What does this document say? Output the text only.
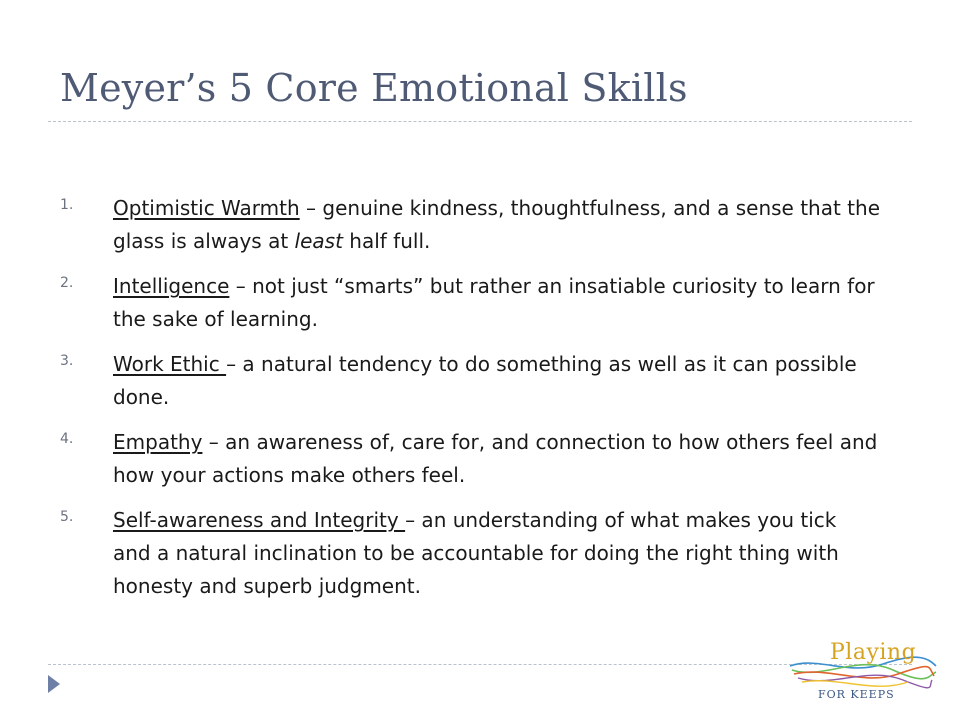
Meyer’s 5 Core Emotional Skills
1. Optimistic Warmth – genuine kindness, thoughtfulness, and a sense that the glass is always at least half full.
2. Intelligence – not just “smarts” but rather an insatiable curiosity to learn for the sake of learning.
3. Work Ethic – a natural tendency to do something as well as it can possible done.
4. Empathy – an awareness of, care for, and connection to how others feel and how your actions make others feel.
5. Self-awareness and Integrity – an understanding of what makes you tick and a natural inclination to be accountable for doing the right thing with honesty and superb judgment.
Playing
FOR KEEPS
